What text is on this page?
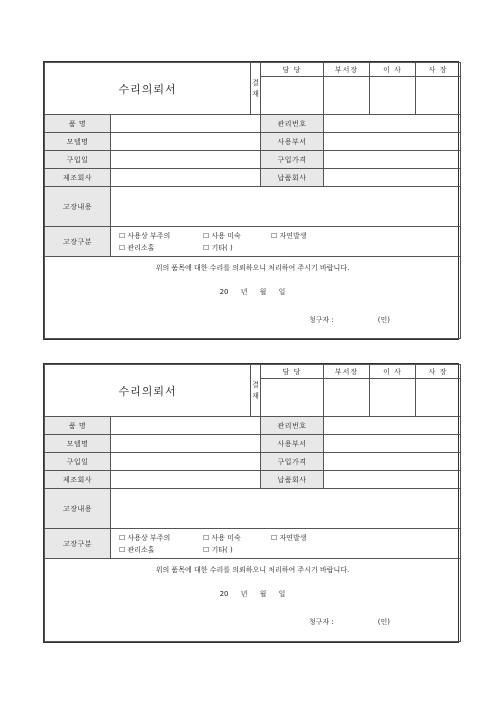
수리의뢰서		결
재	담 당	부서장	이 사	사 장

품 명			관리번호			
모델명			사용부서			
구입일			구입가격			
제조회사			납품회사			
고장내용						
고장구분	☐ 사용상 부주의 ☐ 사용 미숙 ☐ 자연발생
☐ 관리소홀 ☐ 기타( )					

위의 품목에 대한 수리를 의뢰하오니 처리하여 주시기 바랍니다.
20 년 월 일
청구자 : (인)						
수리의뢰서		결
재	담 당	부서장	이 사	사 장

품 명			관리번호			
모델명			사용부서			
구입일			구입가격			
제조회사			납품회사			
고장내용						
고장구분	☐ 사용상 부주의 ☐ 사용 미숙 ☐ 자연발생
☐ 관리소홀 ☐ 기타( )					

위의 품목에 대한 수리를 의뢰하오니 처리하여 주시기 바랍니다.
20 년 월 일
청구자 : (인)						
